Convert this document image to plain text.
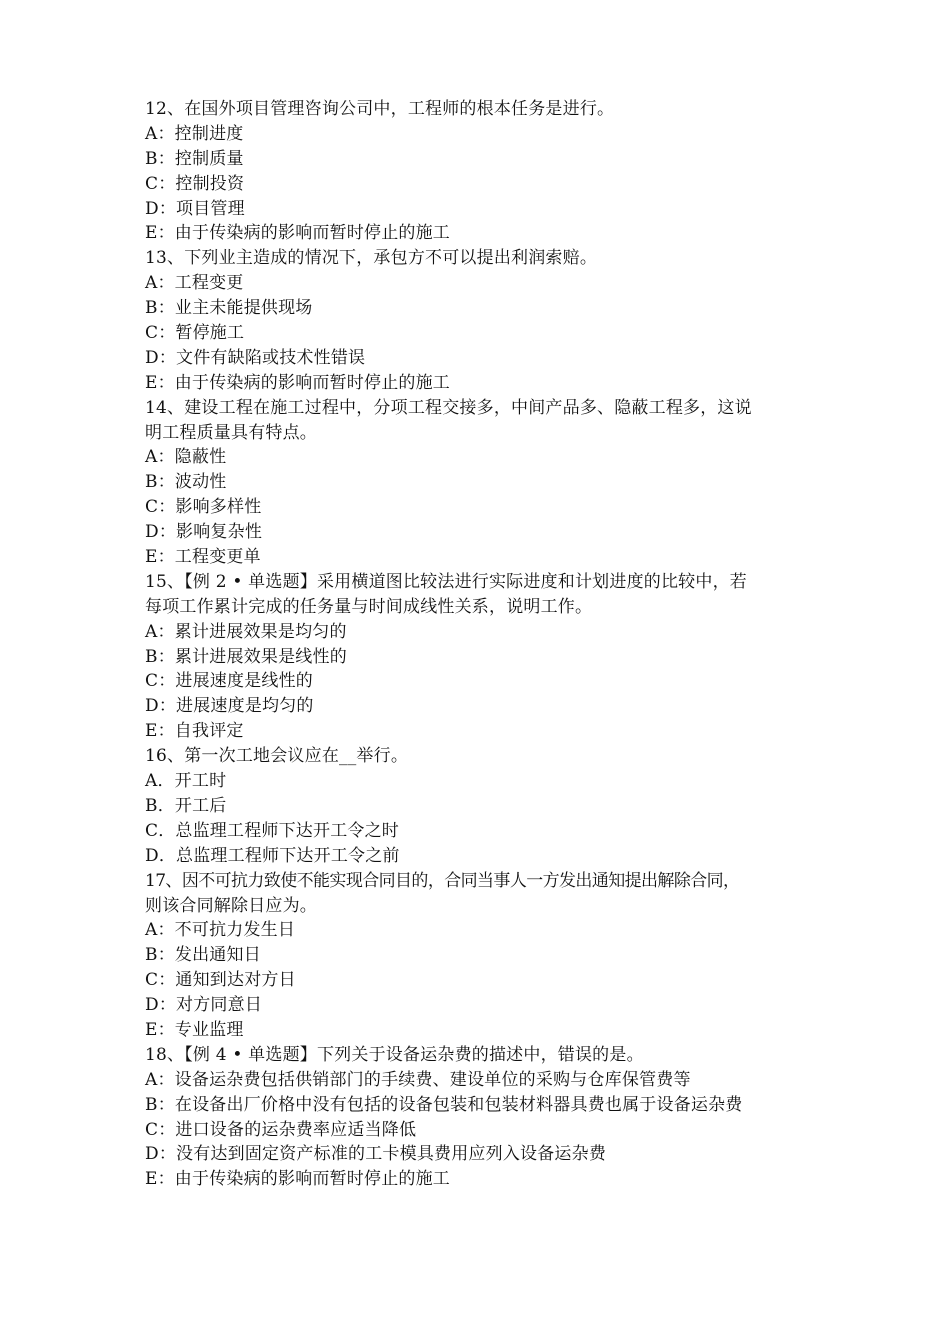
12、在国外项目管理咨询公司中，工程师的根本任务是进行。
A：控制进度
B：控制质量
C：控制投资
D：项目管理
E：由于传染病的影响而暂时停止的施工
13、下列业主造成的情况下，承包方不可以提出利润索赔。
A：工程变更
B：业主未能提供现场
C：暂停施工
D：文件有缺陷或技术性错误
E：由于传染病的影响而暂时停止的施工
14、建设工程在施工过程中，分项工程交接多，中间产品多、隐蔽工程多，这说
明工程质量具有特点。
A：隐蔽性
B：波动性
C：影响多样性
D：影响复杂性
E：工程变更单
15、【例 2 • 单选题】采用横道图比较法进行实际进度和计划进度的比较中，若
每项工作累计完成的任务量与时间成线性关系，说明工作。
A：累计进展效果是均匀的
B：累计进展效果是线性的
C：进展速度是线性的
D：进展速度是均匀的
E：自我评定
16、第一次工地会议应在__举行。
A．开工时
B．开工后
C．总监理工程师下达开工令之时
D．总监理工程师下达开工令之前
17、因不可抗力致使不能实现合同目的，合同当事人一方发出通知提出解除合同，
则该合同解除日应为。
A：不可抗力发生日
B：发出通知日
C：通知到达对方日
D：对方同意日
E：专业监理
18、【例 4 • 单选题】下列关于设备运杂费的描述中，错误的是。
A：设备运杂费包括供销部门的手续费、建设单位的采购与仓库保管费等
B：在设备出厂价格中没有包括的设备包装和包装材料器具费也属于设备运杂费
C：进口设备的运杂费率应适当降低
D：没有达到固定资产标准的工卡模具费用应列入设备运杂费
E：由于传染病的影响而暂时停止的施工
